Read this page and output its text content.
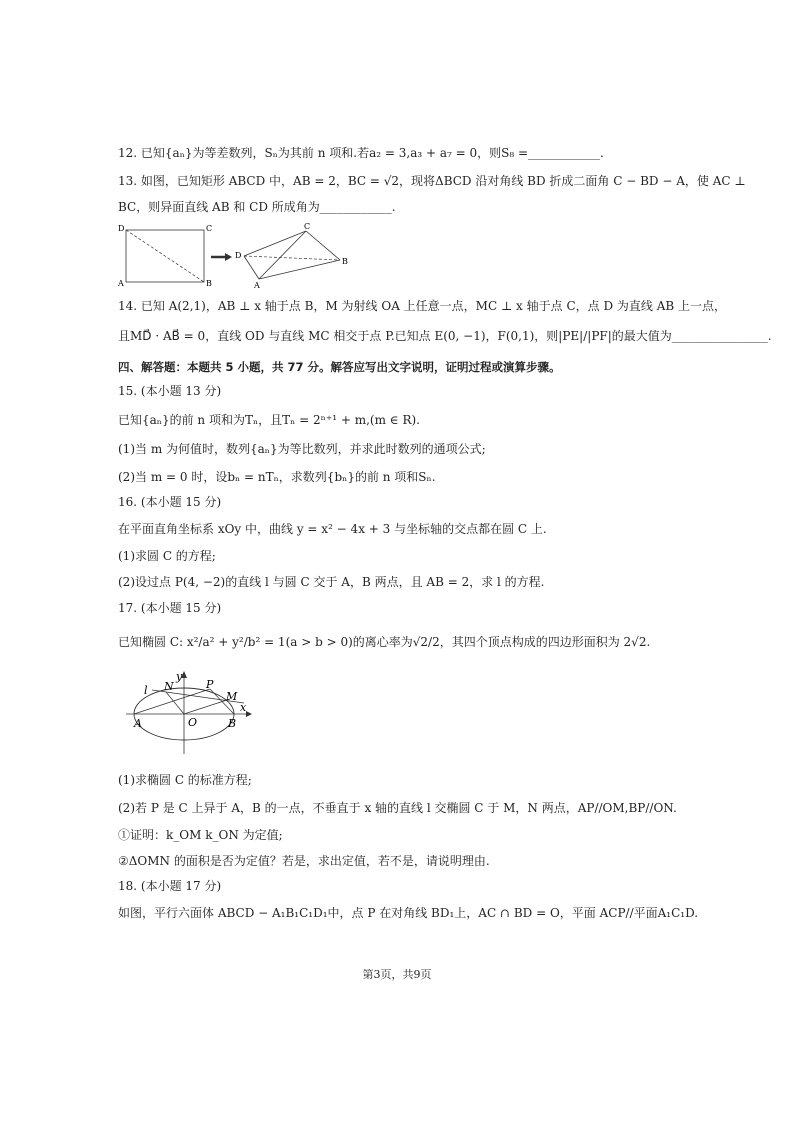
12. 已知{aₙ}为等差数列，Sₙ为其前 n 项和.若a₂ = 3,a₃ + a₇ = 0，则S₈ =____________.
13. 如图，已知矩形 ABCD 中，AB = 2，BC = √2，现将ΔBCD 沿对角线 BD 折成二面角 C − BD − A，使 AC ⊥
BC，则异面直线 AB 和 CD 所成角为____________.
D	C
A	B
D
C
B
A
14. 已知 A(2,1)，AB ⊥ x 轴于点 B，M 为射线 OA 上任意一点，MC ⊥ x 轴于点 C，点 D 为直线 AB 上一点，
且MD⃗ · AB⃗ = 0，直线 OD 与直线 MC 相交于点 P.已知点 E(0, −1)，F(0,1)，则|PE|/|PF|的最大值为________________.
四、解答题：本题共 5 小题，共 77 分。解答应写出文字说明，证明过程或演算步骤。
15. (本小题 13 分)
已知{aₙ}的前 n 项和为Tₙ，且Tₙ = 2ⁿ⁺¹ + m,(m ∈ R).
(1)当 m 为何值时，数列{aₙ}为等比数列，并求此时数列的通项公式;
(2)当 m = 0 时，设bₙ = nTₙ，求数列{bₙ}的前 n 项和Sₙ.
16. (本小题 15 分)
在平面直角坐标系 xOy 中，曲线 y = x² − 4x + 3 与坐标轴的交点都在圆 C 上.
(1)求圆 C 的方程;
(2)设过点 P(4, −2)的直线 l 与圆 C 交于 A，B 两点，且 AB = 2，求 l 的方程.
17. (本小题 15 分)
已知椭圆 C: x²/a² + y²/b² = 1(a > b > 0)的离心率为√2/2，其四个顶点构成的四边形面积为 2√2.
l N
y
P
M
x
A	O	B
(1)求椭圆 C 的标准方程;
(2)若 P 是 C 上异于 A，B 的一点，不垂直于 x 轴的直线 l 交椭圆 C 于 M，N 两点，AP//OM,BP//ON.
①证明：k_OM k_ON 为定值;
②ΔOMN 的面积是否为定值？若是，求出定值，若不是，请说明理由.
18. (本小题 17 分)
如图，平行六面体 ABCD − A₁B₁C₁D₁中，点 P 在对角线 BD₁上，AC ∩ BD = O，平面 ACP//平面A₁C₁D.
第3页，共9页
